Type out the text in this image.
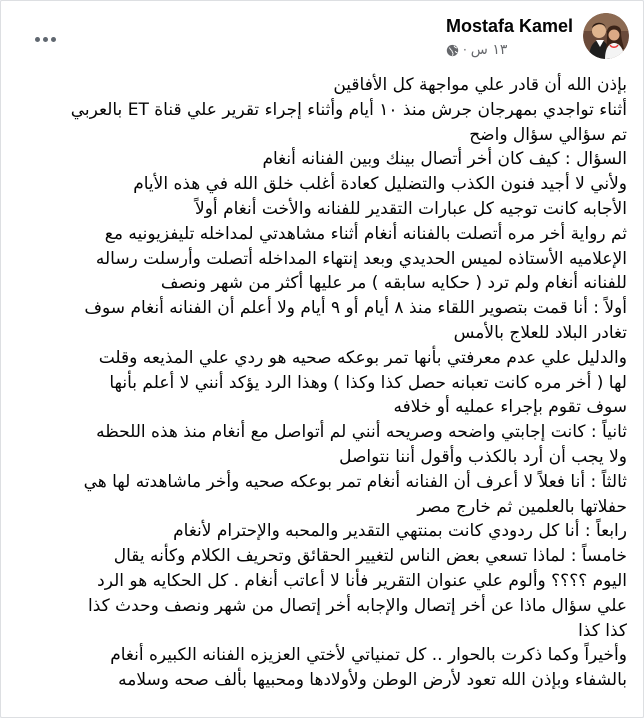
Mostafa Kamel
١٣ س
·

بإذن الله أن قادر علي مواجهة كل الأفاقين

أثناء تواجدي بمهرجان جرش منذ ١٠ أيام وأثناء إجراء تقرير علي قناة ET بالعربي

تم سؤالي سؤال واضح

السؤال : كيف كان أخر أتصال بينك وبين الفنانه أنغام

ولأني لا أجيد فنون الكذب والتضليل كعادة أغلب خلق الله في هذه الأيام

الأجابه كانت توجيه كل عبارات التقدير للفنانه والأخت أنغام أولاً

ثم رواية أخر مره أتصلت بالفنانه أنغام أثناء مشاهدتي لمداخله تليفزيونيه مع

الإعلاميه الأستاذه لميس الحديدي وبعد إنتهاء المداخله أتصلت وأرسلت رساله

للفنانه أنغام ولم ترد ( حكايه سابقه ) مر عليها أكثر من شهر ونصف

أولاً : أنا قمت بتصوير اللقاء منذ ٨ أيام أو ٩ أيام ولا أعلم أن الفنانه أنغام سوف

تغادر البلاد للعلاج بالأمس

والدليل علي عدم معرفتي بأنها تمر بوعكه صحيه هو ردي علي المذيعه وقلت

لها ( أخر مره كانت تعبانه حصل كذا وكذا ) وهذا الرد يؤكد أنني لا أعلم بأنها

سوف تقوم بإجراء عمليه أو خلافه

ثانياً : كانت إجابتي واضحه وصريحه أنني لم أتواصل مع أنغام منذ هذه اللحظه

ولا يجب أن أرد بالكذب وأقول أننا نتواصل

ثالثاً : أنا فعلاً لا أعرف أن الفنانه أنغام تمر بوعكه صحيه وأخر ماشاهدته لها هي

حفلاتها بالعلمين ثم خارج مصر

رابعاً : أنا كل ردودي كانت بمنتهي التقدير والمحبه والإحترام لأنغام

خامساً : لماذا تسعي بعض الناس لتغيير الحقائق وتحريف الكلام وكأنه يقال

اليوم ؟؟؟؟ وألوم علي عنوان التقرير فأنا لا أعاتب أنغام . كل الحكايه هو الرد

علي سؤال ماذا عن أخر إتصال والإجابه أخر إتصال من شهر ونصف وحدث كذا

كذا كذا

وأخيراً وكما ذكرت بالحوار .. كل تمنياتي لأختي العزيزه الفنانه الكبيره أنغام

بالشفاء وبإذن الله تعود لأرض الوطن ولأولادها ومحبيها بألف صحه وسلامه
